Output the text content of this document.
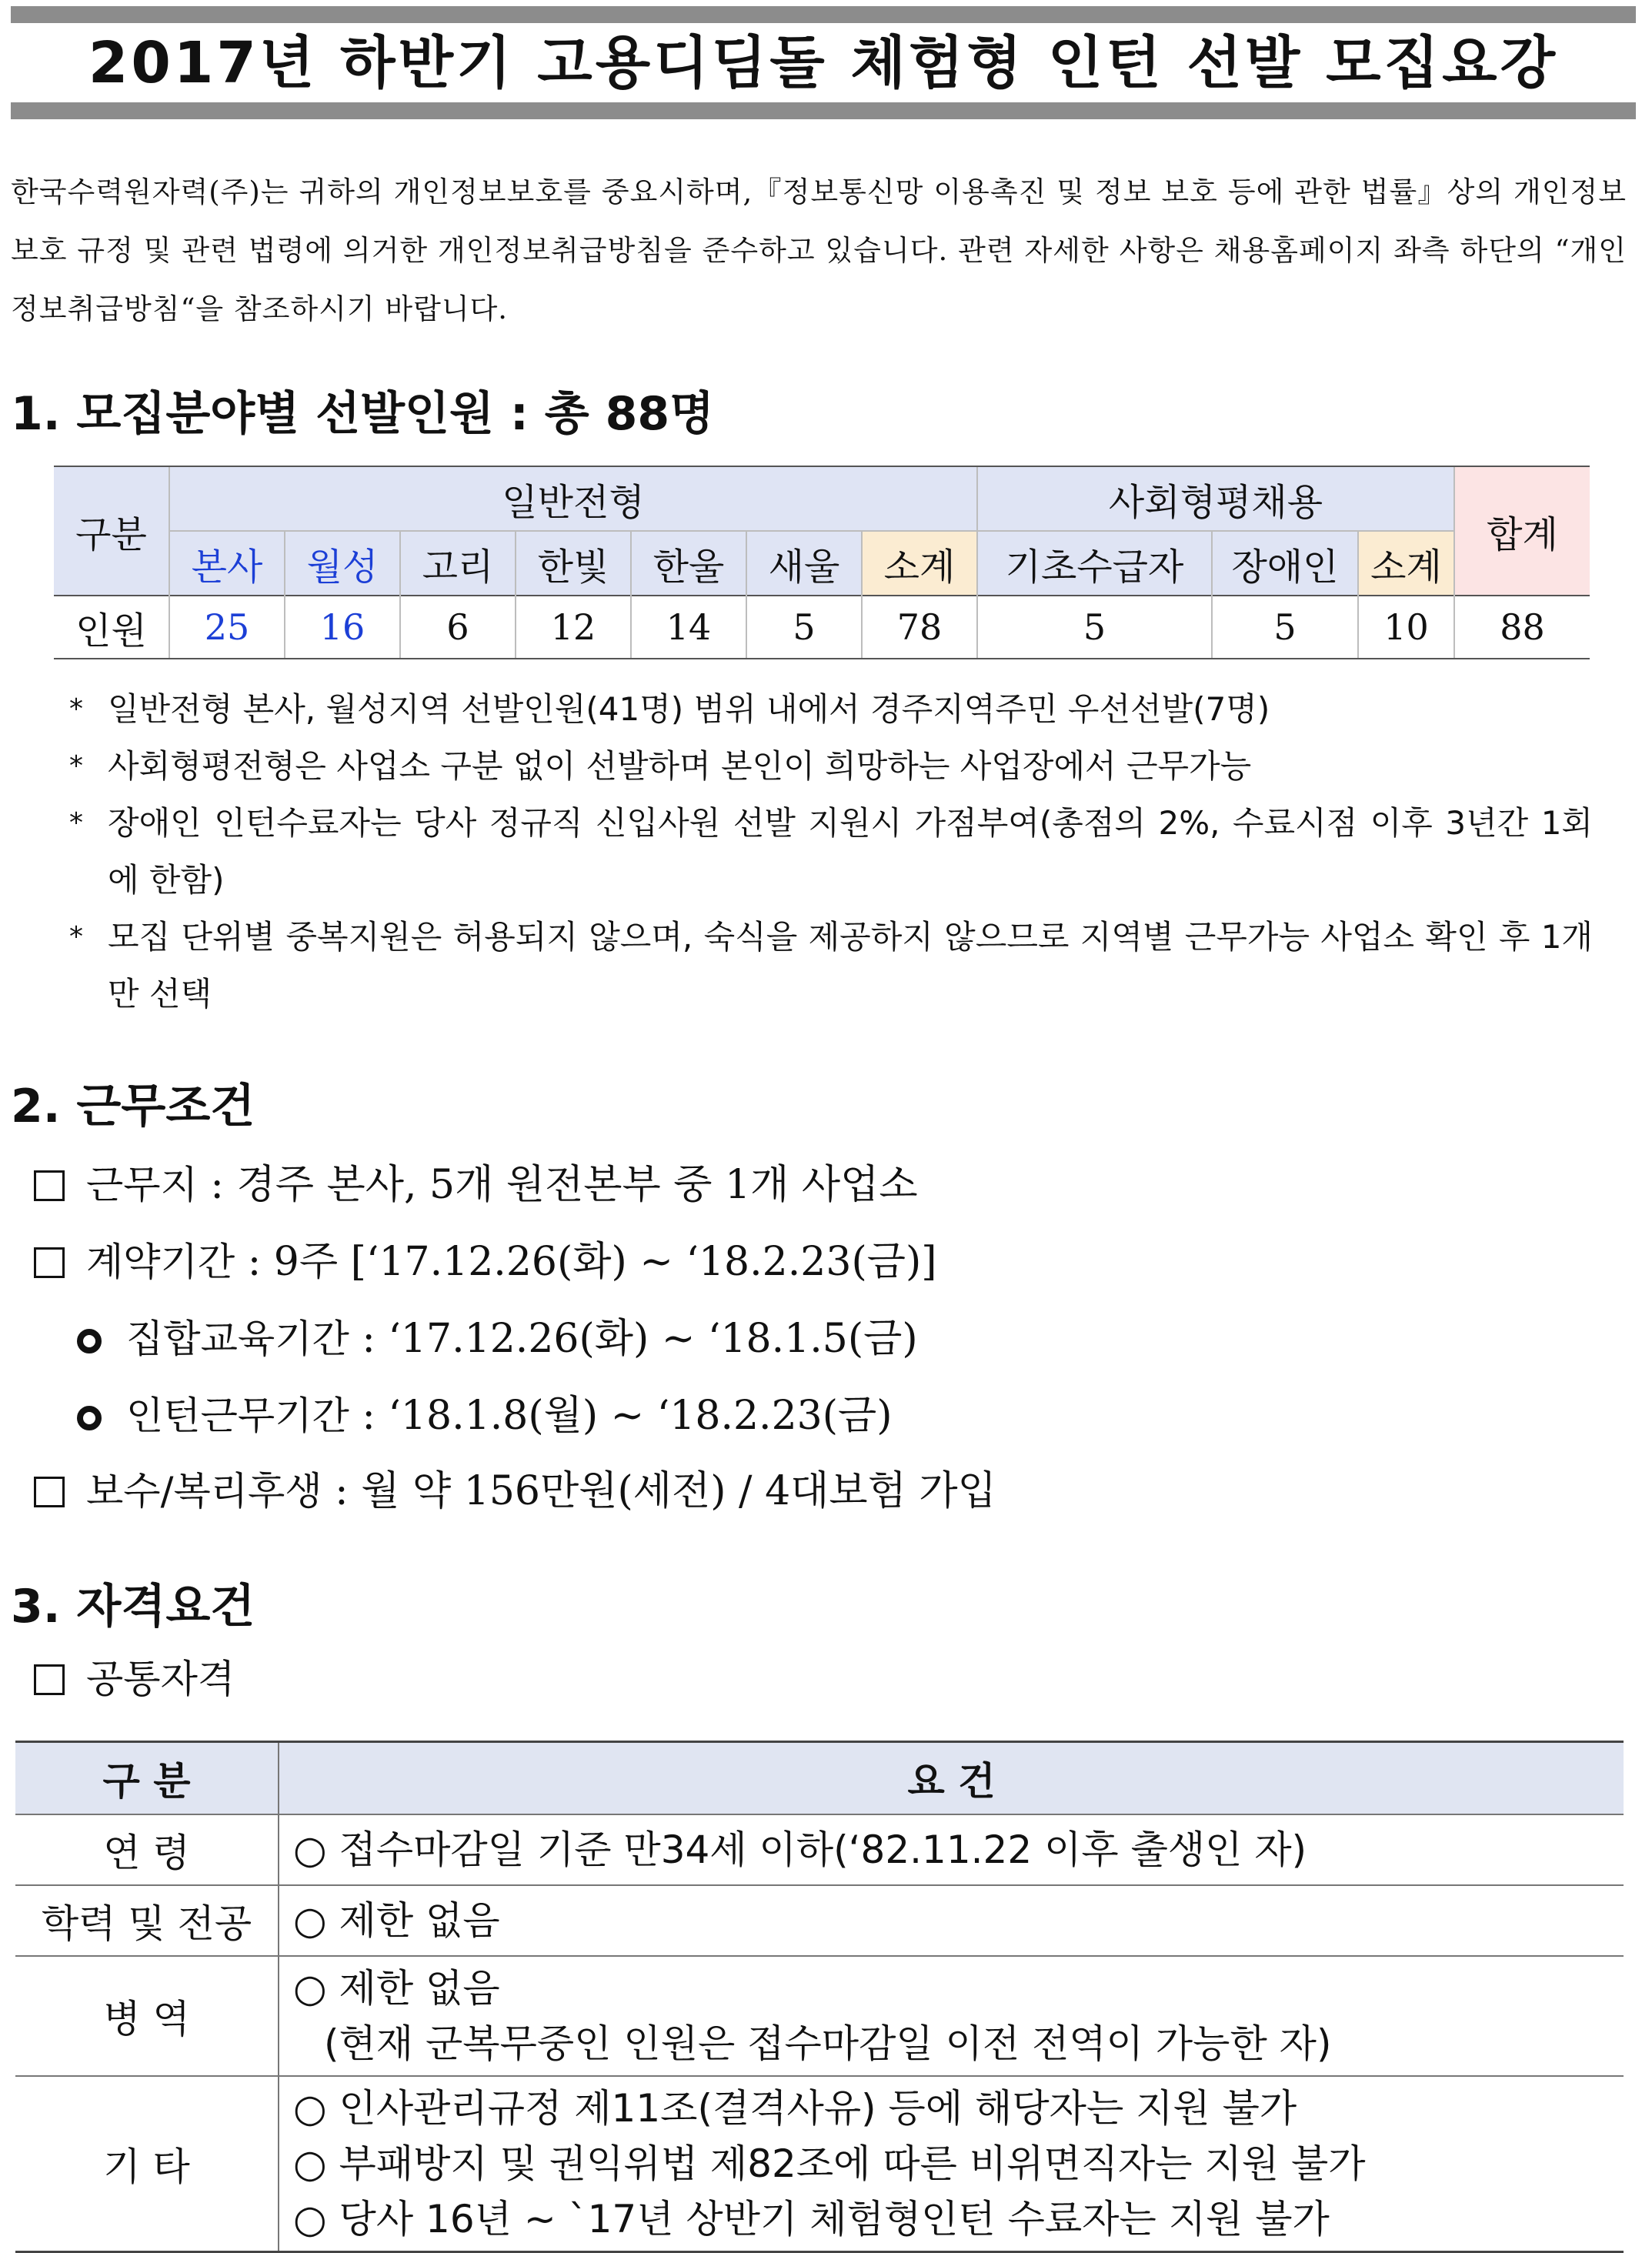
2017년 하반기 고용디딤돌 체험형 인턴 선발 모집요강
한국수력원자력(주)는 귀하의 개인정보보호를 중요시하며,『정보통신망 이용촉진 및 정보 보호 등에 관한 법률』상의 개인정보보호 규정 및 관련 법령에 의거한 개인정보취급방침을 준수하고 있습니다. 관련 자세한 사항은 채용홈페이지 좌측 하단의 “개인정보취급방침“을 참조하시기 바랍니다.
1. 모집분야별 선발인원 : 총 88명
구분	일반전형							사회형평채용			합계
	본사	월성	고리	한빛	한울	새울	소계	기초수급자	장애인	소계	
인원	25	16	6	12	14	5	78	5	5	10	88
* 일반전형 본사, 월성지역 선발인원(41명) 범위 내에서 경주지역주민 우선선발(7명)
* 사회형평전형은 사업소 구분 없이 선발하며 본인이 희망하는 사업장에서 근무가능
* 장애인 인턴수료자는 당사 정규직 신입사원 선발 지원시 가점부여(총점의 2%, 수료시점 이후 3년간 1회에 한함)
* 모집 단위별 중복지원은 허용되지 않으며, 숙식을 제공하지 않으므로 지역별 근무가능 사업소 확인 후 1개만 선택
2. 근무조건
근무지 : 경주 본사, 5개 원전본부 중 1개 사업소
계약기간 : 9주 [‘17.12.26(화) ~ ‘18.2.23(금)]
집합교육기간 : ‘17.12.26(화) ~ ‘18.1.5(금)
인턴근무기간 : ‘18.1.8(월) ~ ‘18.2.23(금)
보수/복리후생 : 월 약 156만원(세전) / 4대보험 가입
3. 자격요건
공통자격
구 분	요 건
연 령	○ 접수마감일 기준 만34세 이하(‘82.11.22 이후 출생인 자)

학력 및 전공	○ 제한 없음

병 역	○ 제한 없음
(현재 군복무중인 인원은 접수마감일 이전 전역이 가능한 자)

기 타	○ 인사관리규정 제11조(결격사유) 등에 해당자는 지원 불가
○ 부패방지 및 권익위법 제82조에 따른 비위면직자는 지원 불가
○ 당사 16년 ~ `17년 상반기 체험형인턴 수료자는 지원 불가
